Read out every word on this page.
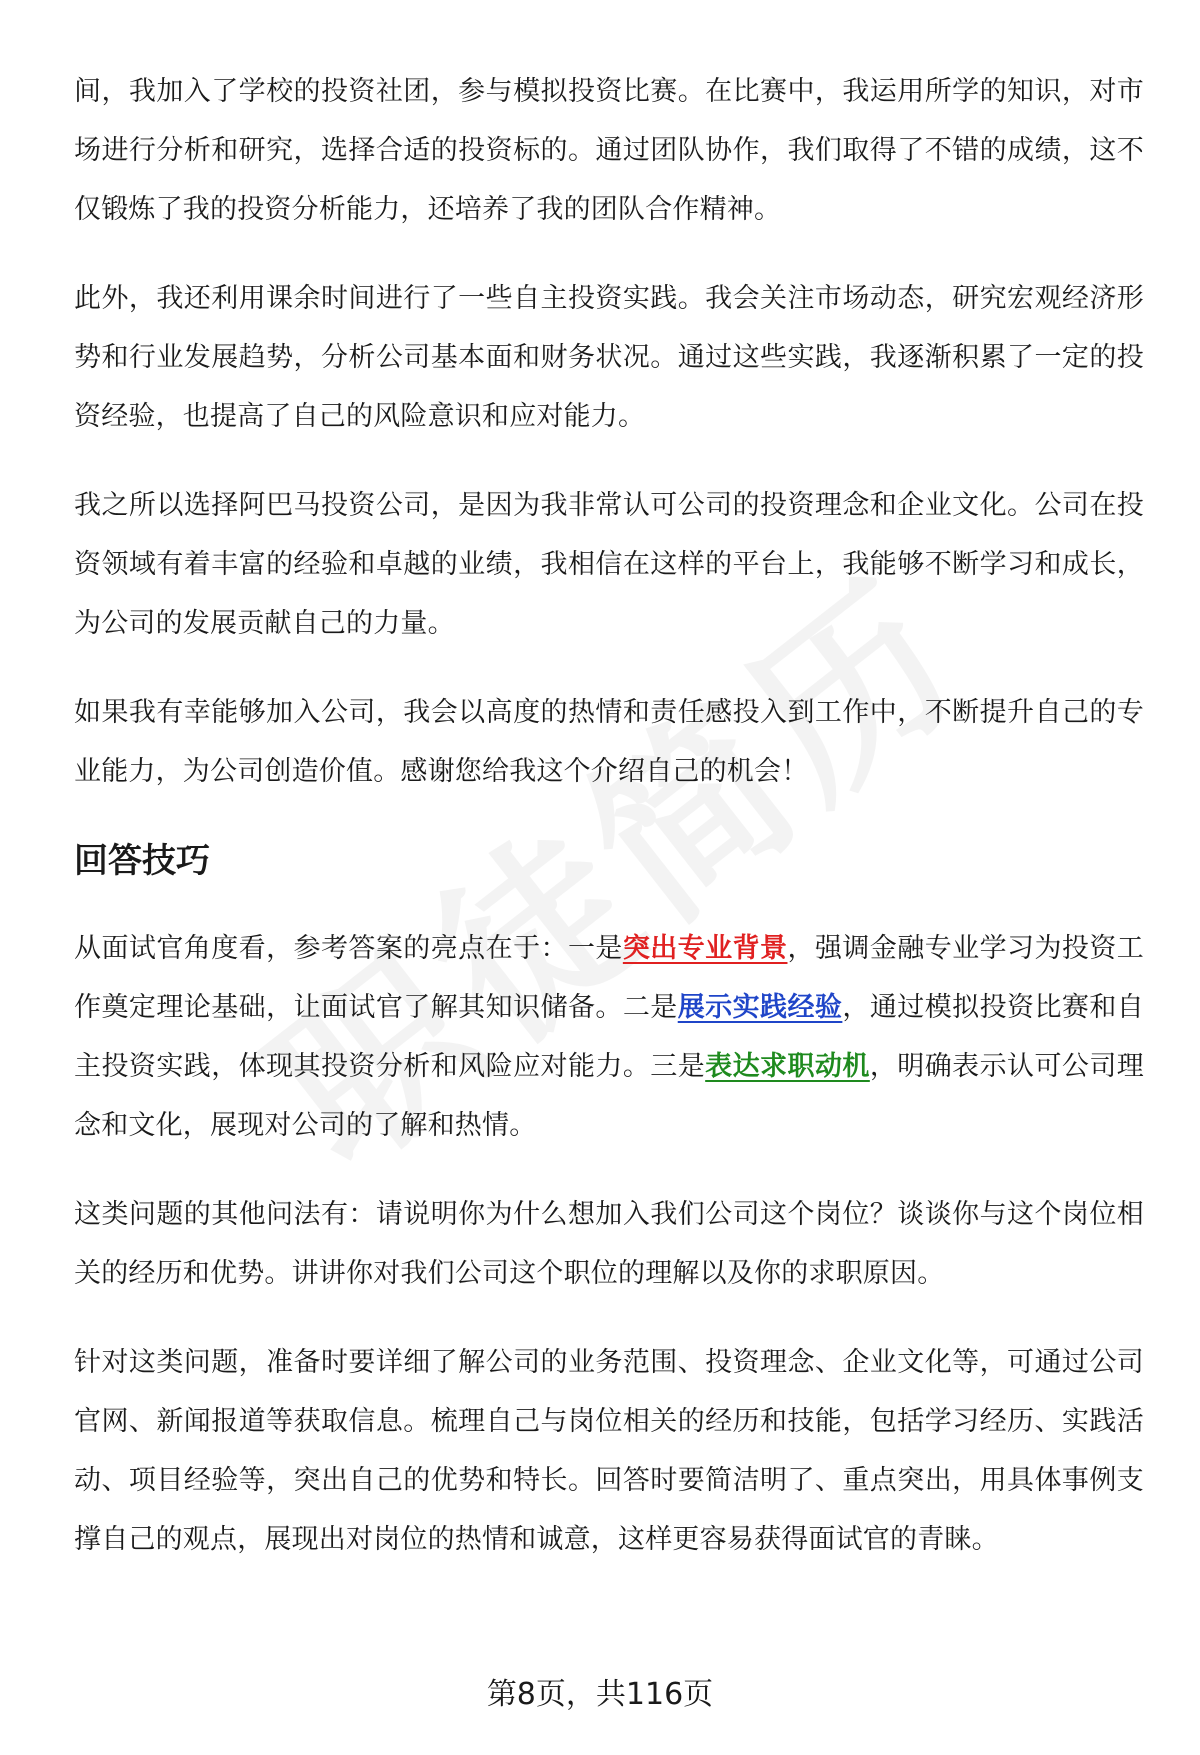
间，我加入了学校的投资社团，参与模拟投资比赛。在比赛中，我运用所学的知识，对市场进行分析和研究，选择合适的投资标的。通过团队协作，我们取得了不错的成绩，这不仅锻炼了我的投资分析能力，还培养了我的团队合作精神。

此外，我还利用课余时间进行了一些自主投资实践。我会关注市场动态，研究宏观经济形势和行业发展趋势，分析公司基本面和财务状况。通过这些实践，我逐渐积累了一定的投资经验，也提高了自己的风险意识和应对能力。

我之所以选择阿巴马投资公司，是因为我非常认可公司的投资理念和企业文化。公司在投资领域有着丰富的经验和卓越的业绩，我相信在这样的平台上，我能够不断学习和成长，为公司的发展贡献自己的力量。

如果我有幸能够加入公司，我会以高度的热情和责任感投入到工作中，不断提升自己的专业能力，为公司创造价值。感谢您给我这个介绍自己的机会！

回答技巧

从面试官角度看，参考答案的亮点在于：一是突出专业背景，强调金融专业学习为投资工作奠定理论基础，让面试官了解其知识储备。二是展示实践经验，通过模拟投资比赛和自主投资实践，体现其投资分析和风险应对能力。三是表达求职动机，明确表示认可公司理念和文化，展现对公司的了解和热情。

这类问题的其他问法有：请说明你为什么想加入我们公司这个岗位？谈谈你与这个岗位相关的经历和优势。讲讲你对我们公司这个职位的理解以及你的求职原因。

针对这类问题，准备时要详细了解公司的业务范围、投资理念、企业文化等，可通过公司官网、新闻报道等获取信息。梳理自己与岗位相关的经历和技能，包括学习经历、实践活动、项目经验等，突出自己的优势和特长。回答时要简洁明了、重点突出，用具体事例支撑自己的观点，展现出对岗位的热情和诚意，这样更容易获得面试官的青睐。

第8页，共116页
